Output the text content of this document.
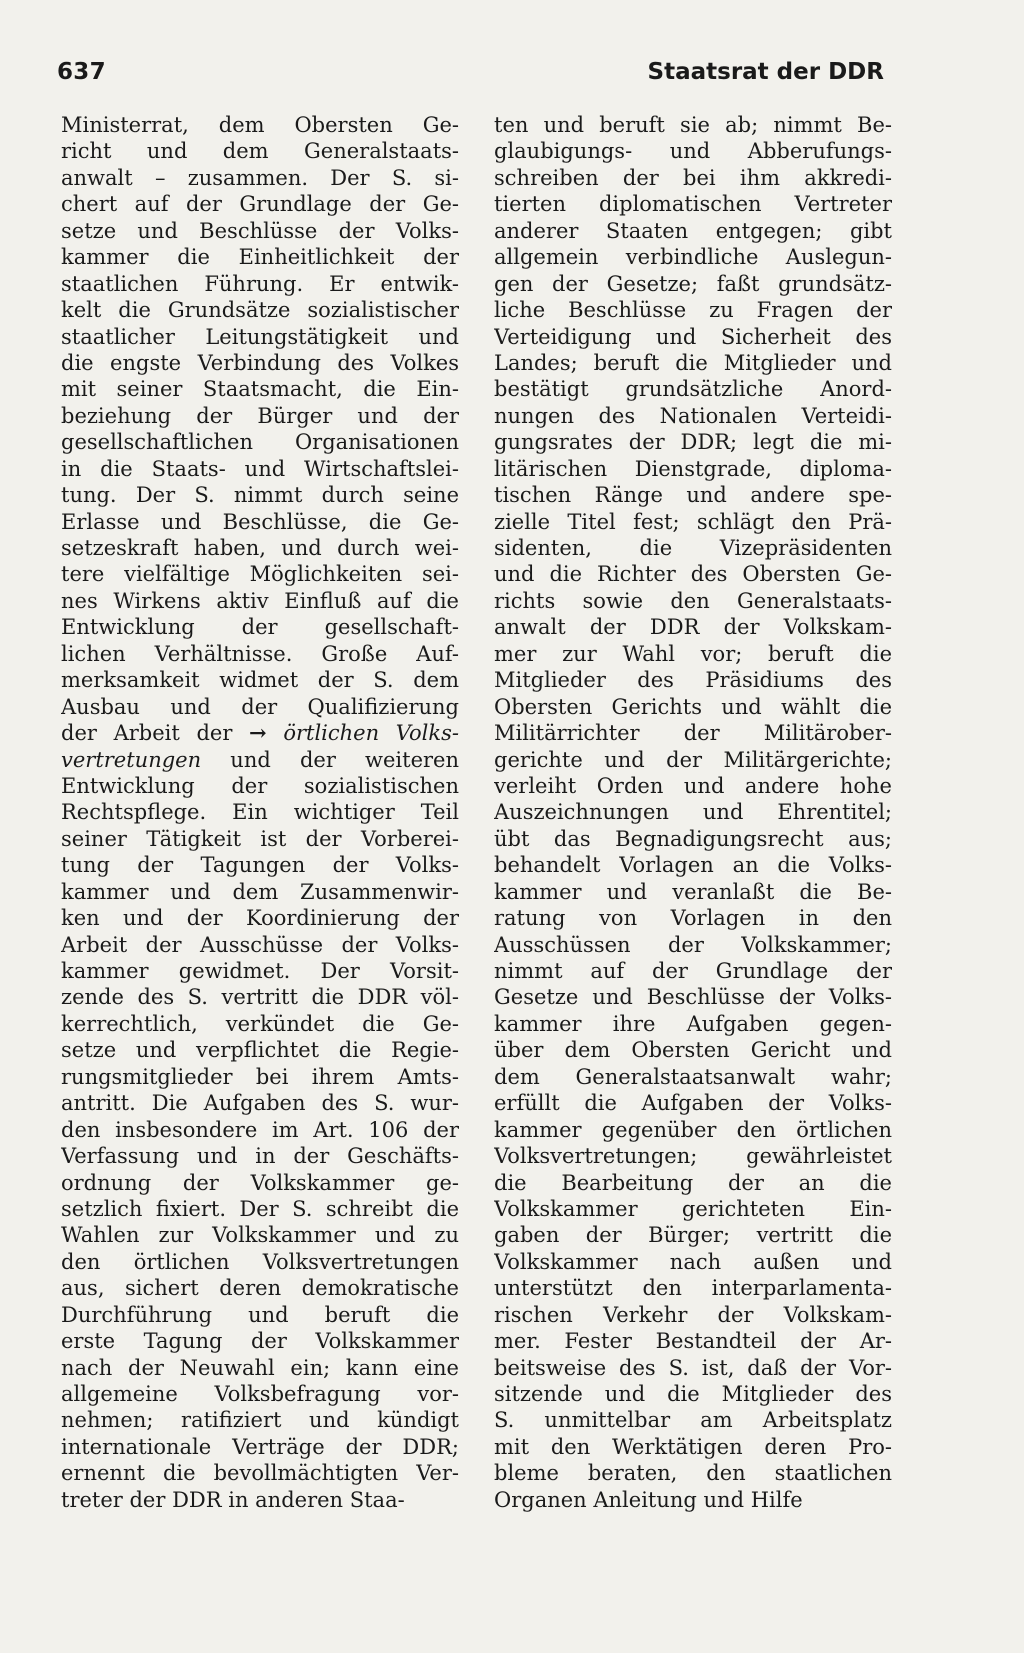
637	Staatsrat der DDR
Ministerrat, dem Obersten Ge-
richt und dem Generalstaats-
anwalt – zusammen. Der S. si-
chert auf der Grundlage der Ge-
setze und Beschlüsse der Volks-
kammer die Einheitlichkeit der
staatlichen Führung. Er entwik-
kelt die Grundsätze sozialistischer
staatlicher Leitungstätigkeit und
die engste Verbindung des Volkes
mit seiner Staatsmacht, die Ein-
beziehung der Bürger und der
gesellschaftlichen Organisationen
in die Staats- und Wirtschaftslei-
tung. Der S. nimmt durch seine
Erlasse und Beschlüsse, die Ge-
setzeskraft haben, und durch wei-
tere vielfältige Möglichkeiten sei-
nes Wirkens aktiv Einfluß auf die
Entwicklung der gesellschaft-
lichen Verhältnisse. Große Auf-
merksamkeit widmet der S. dem
Ausbau und der Qualifizierung
der Arbeit der → örtlichen Volks-
vertretungen und der weiteren
Entwicklung der sozialistischen
Rechtspflege. Ein wichtiger Teil
seiner Tätigkeit ist der Vorberei-
tung der Tagungen der Volks-
kammer und dem Zusammenwir-
ken und der Koordinierung der
Arbeit der Ausschüsse der Volks-
kammer gewidmet. Der Vorsit-
zende des S. vertritt die DDR völ-
kerrechtlich, verkündet die Ge-
setze und verpflichtet die Regie-
rungsmitglieder bei ihrem Amts-
antritt. Die Aufgaben des S. wur-
den insbesondere im Art. 106 der
Verfassung und in der Geschäfts-
ordnung der Volkskammer ge-
setzlich fixiert. Der S. schreibt die
Wahlen zur Volkskammer und zu
den örtlichen Volksvertretungen
aus, sichert deren demokratische
Durchführung und beruft die
erste Tagung der Volkskammer
nach der Neuwahl ein; kann eine
allgemeine Volksbefragung vor-
nehmen; ratifiziert und kündigt
internationale Verträge der DDR;
ernennt die bevollmächtigten Ver-
treter der DDR in anderen Staa-
ten und beruft sie ab; nimmt Be-
glaubigungs- und Abberufungs-
schreiben der bei ihm akkredi-
tierten diplomatischen Vertreter
anderer Staaten entgegen; gibt
allgemein verbindliche Auslegun-
gen der Gesetze; faßt grundsätz-
liche Beschlüsse zu Fragen der
Verteidigung und Sicherheit des
Landes; beruft die Mitglieder und
bestätigt grundsätzliche Anord-
nungen des Nationalen Verteidi-
gungsrates der DDR; legt die mi-
litärischen Dienstgrade, diploma-
tischen Ränge und andere spe-
zielle Titel fest; schlägt den Prä-
sidenten, die Vizepräsidenten
und die Richter des Obersten Ge-
richts sowie den Generalstaats-
anwalt der DDR der Volkskam-
mer zur Wahl vor; beruft die
Mitglieder des Präsidiums des
Obersten Gerichts und wählt die
Militärrichter der Militärober-
gerichte und der Militärgerichte;
verleiht Orden und andere hohe
Auszeichnungen und Ehrentitel;
übt das Begnadigungsrecht aus;
behandelt Vorlagen an die Volks-
kammer und veranlaßt die Be-
ratung von Vorlagen in den
Ausschüssen der Volkskammer;
nimmt auf der Grundlage der
Gesetze und Beschlüsse der Volks-
kammer ihre Aufgaben gegen-
über dem Obersten Gericht und
dem Generalstaatsanwalt wahr;
erfüllt die Aufgaben der Volks-
kammer gegenüber den örtlichen
Volksvertretungen; gewährleistet
die Bearbeitung der an die
Volkskammer gerichteten Ein-
gaben der Bürger; vertritt die
Volkskammer nach außen und
unterstützt den interparlamenta-
rischen Verkehr der Volkskam-
mer. Fester Bestandteil der Ar-
beitsweise des S. ist, daß der Vor-
sitzende und die Mitglieder des
S. unmittelbar am Arbeitsplatz
mit den Werktätigen deren Pro-
bleme beraten, den staatlichen
Organen Anleitung und Hilfe
